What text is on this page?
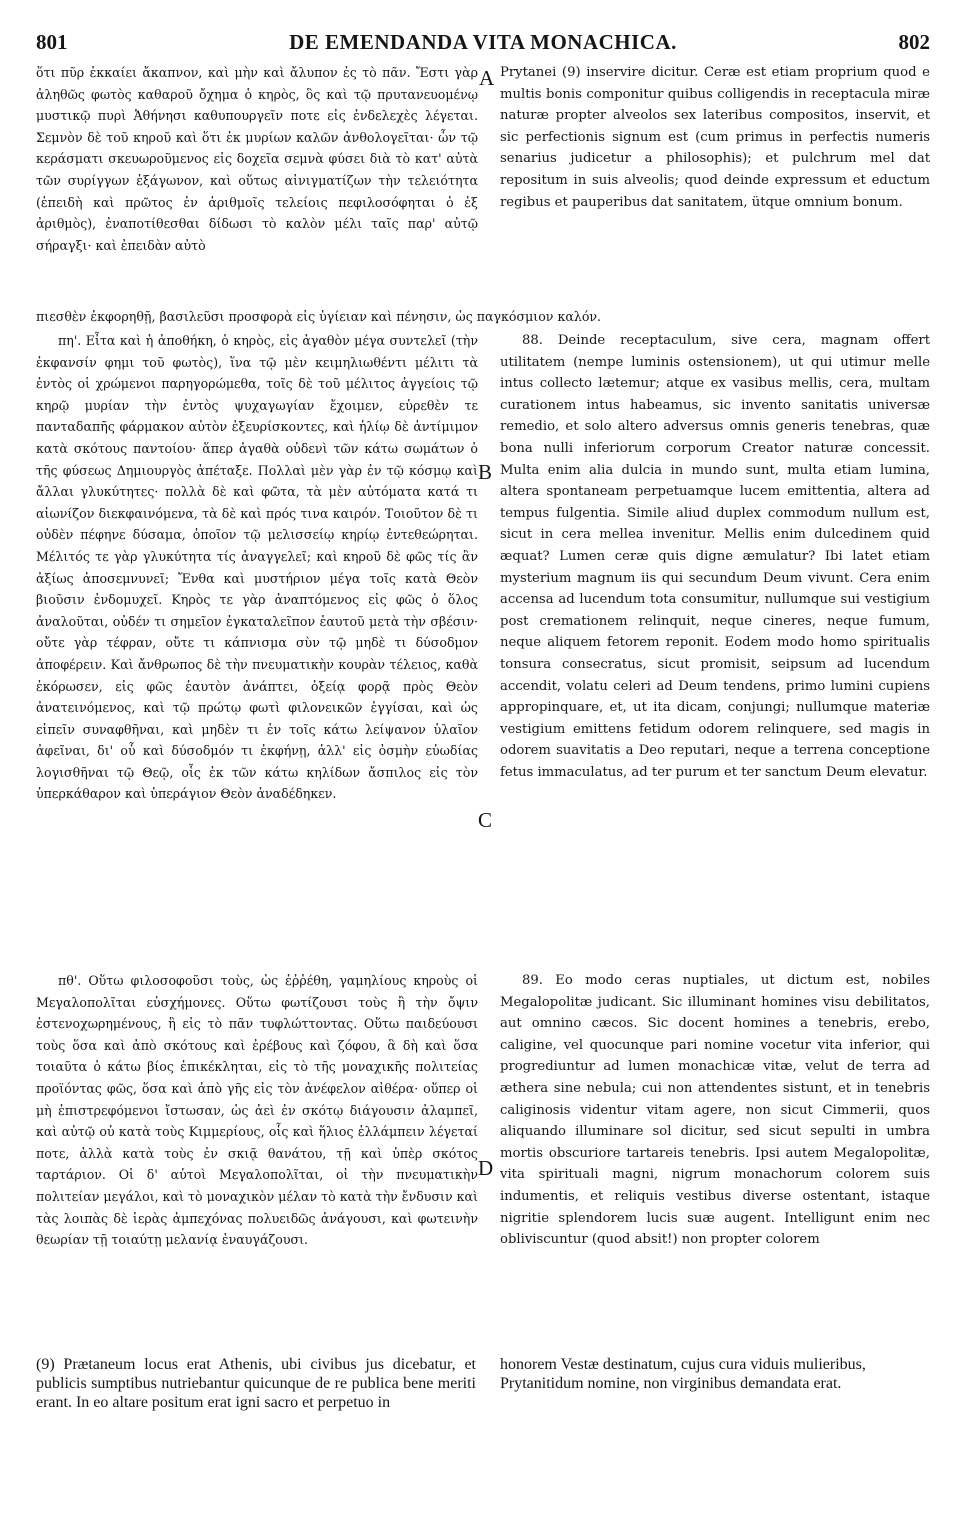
801	DE EMENDANDA VITA MONACHICA.	802

ὅτι πῦρ ἐκκαίει ἄκαπνον, καὶ μὴν καὶ ἄλυπον ἐς τὸ πᾶν. Ἔστι γὰρ ἀληθῶς φωτὸς καθαροῦ ὄχημα ὁ κηρὸς, ὃς καὶ τῷ πρυτανευομένῳ μυστικῷ πυρὶ Ἀθήνησι καθυπουργεῖν ποτε εἰς ἐνδελεχὲς λέγεται. Σεμνὸν δὲ τοῦ κηροῦ καὶ ὅτι ἐκ μυρίων καλῶν ἀνθολογεῖται· ὧν τῷ κεράσματι σκευωροῦμενος εἰς δοχεῖα σεμνὰ φύσει διὰ τὸ κατ' αὐτὰ τῶν συρίγγων ἑξάγωνον, καὶ οὕτως αἰνιγματίζων τὴν τελειότητα (ἐπειδὴ καὶ πρῶτος ἐν ἀριθμοῖς τελείοις πεφιλοσόφηται ὁ ἐξ ἀριθμὸς), ἐναποτίθεσθαι δίδωσι τὸ καλὸν μέλι ταῖς παρ' αὐτῷ σήραγξι· καὶ ἐπειδὰν αὐτὸ

Prytanei (9) inservire dicitur. Ceræ est etiam proprium quod e multis bonis componitur quibus colligendis in receptacula miræ naturæ propter alveolos sex lateribus compositos, inservit, et sic perfectionis signum est (cum primus in perfectis numeris senarius judicetur a philosophis); et pulchrum mel dat repositum in suis alveolis; quod deinde expressum et eductum regibus et pauperibus dat sanitatem, ütque omnium bonum.

πιεσθὲν ἐκφορηθῇ, βασιλεῦσι προσφορὰ εἰς ὑγίειαν καὶ πένησιν, ὡς παγκόσμιον καλόν.

πη'. Εἶτα καὶ ἡ ἀποθήκη, ὁ κηρὸς, εἰς ἀγαθὸν μέγα συντελεῖ (τὴν ἐκφανσίν φημι τοῦ φωτὸς), ἵνα τῷ μὲν κειμηλιωθέντι μέλιτι τὰ ἐντὸς οἱ χρώμενοι παρηγορώμεθα, τοῖς δὲ τοῦ μέλιτος ἀγγείοις τῷ κηρῷ μυρίαν τὴν ἐντὸς ψυχαγωγίαν ἔχοιμεν, εὑρεθὲν τε πανταδαπῆς φάρμακον αὐτὸν ἐξευρίσκοντες, καὶ ἡλίῳ δὲ ἀντίμιμον κατὰ σκότους παντοίου· ἅπερ ἀγαθὰ οὐδενὶ τῶν κάτω σωμάτων ὁ τῆς φύσεως Δημιουργὸς ἀπέταξε. Πολλαὶ μὲν γὰρ ἐν τῷ κόσμῳ καὶ ἄλλαι γλυκύτητες· πολλὰ δὲ καὶ φῶτα, τὰ μὲν αὐτόματα κατά τι αἰωνίζον διεκφαινόμενα, τὰ δὲ καὶ πρός τινα καιρόν. Τοιοῦτον δὲ τι οὐδὲν πέφηνε δύσαμα, ὁποῖον τῷ μελισσείῳ κηρίῳ ἐντεθεώρηται. Μέλιτός τε γὰρ γλυκύτητα τίς ἀναγγελεῖ; καὶ κηροῦ δὲ φῶς τίς ἂν ἀξίως ἀποσεμνυνεῖ; Ἔνθα καὶ μυστήριον μέγα τοῖς κατὰ Θεὸν βιοῦσιν ἐνδομυχεῖ. Κηρὸς τε γὰρ ἀναπτόμενος εἰς φῶς ὁ ὅλος ἀναλοῦται, οὐδέν τι σημεῖον ἐγκαταλεῖπον ἑαυτοῦ μετὰ τὴν σβέσιν· οὔτε γὰρ τέφραν, οὔτε τι κάπνισμα σὺν τῷ μηδὲ τι δύσοδμον ἀποφέρειν. Καὶ ἄνθρωπος δὲ τὴν πνευματικὴν κουρὰν τέλειος, καθὰ ἐκόρωσεν, εἰς φῶς ἑαυτὸν ἀνάπτει, ὀξείᾳ φορᾷ πρὸς Θεὸν ἀνατεινόμενος, καὶ τῷ πρώτῳ φωτὶ φιλονεικῶν ἐγγίσαι, καὶ ὡς εἰπεῖν συναφθῆναι, καὶ μηδὲν τι ἐν τοῖς κάτω λείψανον ὑλαῖον ἀφεῖναι, δι' οὗ καὶ δύσοδμόν τι ἐκφήνῃ, ἀλλ' εἰς ὀσμὴν εὐωδίας λογισθῆναι τῷ Θεῷ, οἷς ἐκ τῶν κάτω κηλίδων ἄσπιλος εἰς τὸν ὑπερκάθαρον καὶ ὑπεράγιον Θεὸν ἀναδέδηκεν.

88. Deinde receptaculum, sive cera, magnam offert utilitatem (nempe luminis ostensionem), ut qui utimur melle intus collecto lætemur; atque ex vasibus mellis, cera, multam curationem intus habeamus, sic invento sanitatis universæ remedio, et solo altero adversus omnis generis tenebras, quæ bona nulli inferiorum corporum Creator naturæ concessit. Multa enim alia dulcia in mundo sunt, multa etiam lumina, altera spontaneam perpetuamque lucem emittentia, altera ad tempus fulgentia. Simile aliud duplex commodum nullum est, sicut in cera mellea invenitur. Mellis enim dulcedinem quid æquat? Lumen ceræ quis digne æmulatur? Ibi latet etiam mysterium magnum iis qui secundum Deum vivunt. Cera enim accensa ad lucendum tota consumitur, nullumque sui vestigium post cremationem relinquit, neque cineres, neque fumum, neque aliquem fetorem reponit. Eodem modo homo spiritualis tonsura consecratus, sicut promisit, seipsum ad lucendum accendit, volatu celeri ad Deum tendens, primo lumini cupiens appropinquare, et, ut ita dicam, conjungi; nullumque materiæ vestigium emittens fetidum odorem relinquere, sed magis in odorem suavitatis a Deo reputari, neque a terrena conceptione fetus immaculatus, ad ter purum et ter sanctum Deum elevatur.

πθ'. Οὕτω φιλοσοφοῦσι τοὺς, ὡς ἐῤῥέθη, γαμηλίους κηροὺς οἱ Μεγαλοπολῖται εὐσχήμονες. Οὕτω φωτίζουσι τοὺς ἢ τὴν ὄψιν ἐστενοχωρημένους, ἢ εἰς τὸ πᾶν τυφλώττοντας. Οὕτω παιδεύουσι τοὺς ὅσα καὶ ἀπὸ σκότους καὶ ἐρέβους καὶ ζόφου, ἃ δὴ καὶ ὅσα τοιαῦτα ὁ κάτω βίος ἐπικέκληται, εἰς τὸ τῆς μοναχικῆς πολιτείας προϊόντας φῶς, ὅσα καὶ ἀπὸ γῆς εἰς τὸν ἀνέφελον αἰθέρα· οὕπερ οἱ μὴ ἐπιστρεφόμενοι ἴστωσαν, ὡς ἀεὶ ἐν σκότῳ διάγουσιν ἀλαμπεῖ, καὶ αὐτῷ οὐ κατὰ τοὺς Κιμμερίους, οἷς καὶ ἥλιος ἐλλάμπειν λέγεταί ποτε, ἀλλὰ κατὰ τοὺς ἐν σκιᾷ θανάτου, τῇ καὶ ὑπὲρ σκότος ταρτάριον. Οἱ δ' αὐτοὶ Μεγαλοπολῖται, οἱ τὴν πνευματικὴν πολιτείαν μεγάλοι, καὶ τὸ μοναχικὸν μέλαν τὸ κατὰ τὴν ἔνδυσιν καὶ τὰς λοιπὰς δὲ ἱερὰς ἀμπεχόνας πολυειδῶς ἀνάγουσι, καὶ φωτεινὴν θεωρίαν τῇ τοιαύτῃ μελανίᾳ ἐναυγάζουσι.

89. Eo modo ceras nuptiales, ut dictum est, nobiles Megalopolitæ judicant. Sic illuminant homines visu debilitatos, aut omnino cæcos. Sic docent homines a tenebris, erebo, caligine, vel quocunque pari nomine vocetur vita inferior, qui progrediuntur ad lumen monachicæ vitæ, velut de terra ad æthera sine nebula; cui non attendentes sistunt, et in tenebris caliginosis videntur vitam agere, non sicut Cimmerii, quos aliquando illuminare sol dicitur, sed sicut sepulti in umbra mortis obscuriore tartareis tenebris. Ipsi autem Megalopolitæ, vita spirituali magni, nigrum monachorum colorem suis indumentis, et reliquis vestibus diverse ostentant, istaque nigritie splendorem lucis suæ augent. Intelligunt enim nec obliviscuntur (quod absit!) non propter colorem

A
B
C
D

(9) Prætaneum locus erat Athenis, ubi civibus jus dicebatur, et publicis sumptibus nutriebantur quicunque de re publica bene meriti erant. In eo altare positum erat igni sacro et perpetuo in

honorem Vestæ destinatum, cujus cura viduis mulieribus, Prytanitidum nomine, non virginibus demandata erat.
